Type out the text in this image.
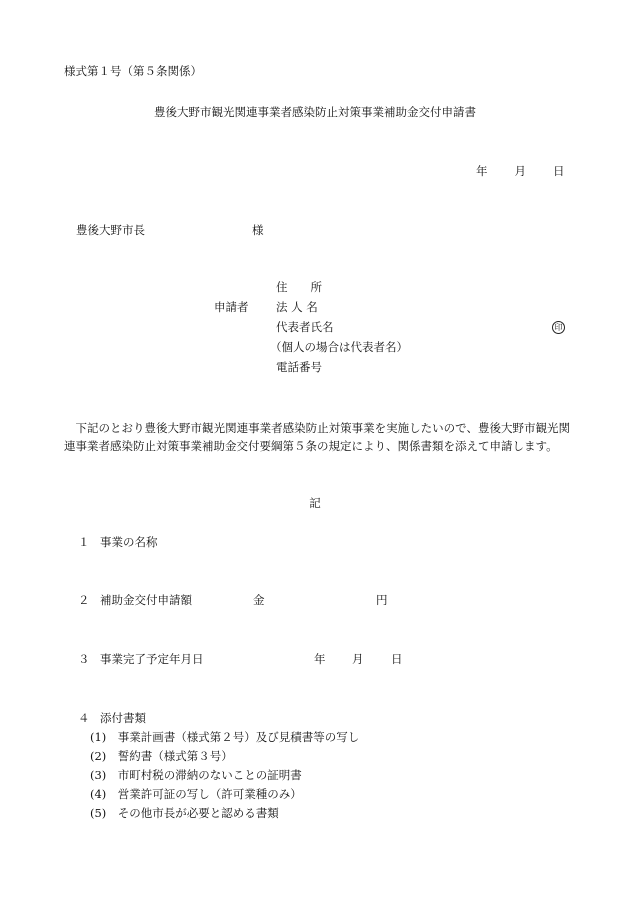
様式第１号（第５条関係）
豊後大野市観光関連事業者感染防止対策事業補助金交付申請書
年 月 日
豊後大野市長	様
申請者
住　　所
法 人 名
代表者氏名	印
（個人の場合は代表者名）
電話番号
下記のとおり豊後大野市観光関連事業者感染防止対策事業を実施したいので、豊後大野市観光関連事業者感染防止対策事業補助金交付要綱第５条の規定により、関係書類を添えて申請します。
記
１ 事業の名称
２ 補助金交付申請額	金	円
３ 事業完了予定年月日	年 月 日
４ 添付書類
(1)　事業計画書（様式第２号）及び見積書等の写し
(2)　誓約書（様式第３号）
(3)　市町村税の滞納のないことの証明書
(4)　営業許可証の写し（許可業種のみ）
(5)　その他市長が必要と認める書類
